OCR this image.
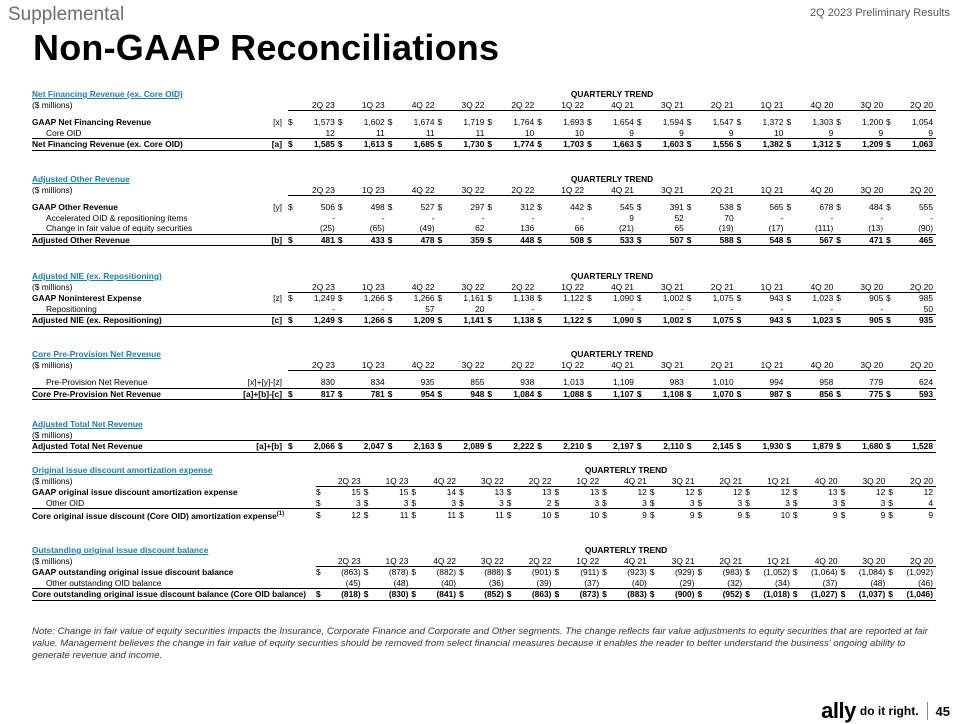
Supplemental	2Q 2023 Preliminary Results
Non-GAAP Reconciliations
Net Financing Revenue (ex. Core OID)		QUARTERLY TREND																									
($ millions)		2Q 23		1Q 23		4Q 22		3Q 22		2Q 22		1Q 22		4Q 21		3Q 21		2Q 21		1Q 21		4Q 20		3Q 20		2Q 20	

GAAP Net Financing Revenue	[x]	$	1,573	$	1,602	$	1,674	$	1,719	$	1,764	$	1,693	$	1,654	$	1,594	$	1,547	$	1,372	$	1,303	$	1,200	$	1,054
Core OID			12		11		11		11		10		10		9		9		9		10		9		9		9
Net Financing Revenue (ex. Core OID)	[a]	$	1,585	$	1,613	$	1,685	$	1,730	$	1,774	$	1,703	$	1,663	$	1,603	$	1,556	$	1,382	$	1,312	$	1,209	$	1,063
Adjusted Other Revenue		QUARTERLY TREND																									
($ millions)		2Q 23		1Q 23		4Q 22		3Q 22		2Q 22		1Q 22		4Q 21		3Q 21		2Q 21		1Q 21		4Q 20		3Q 20		2Q 20	

GAAP Other Revenue	[y]	$	506	$	498	$	527	$	297	$	312	$	442	$	545	$	391	$	538	$	565	$	678	$	484	$	555
Accelerated OID & repositioning items			-		-		-		-		-		-		9		52		70		-		-		-		-
Change in fair value of equity securities			(25)		(65)		(49)		62		136		66		(21)		65		(19)		(17)		(111)		(13)		(90)
Adjusted Other Revenue	[b]	$	481	$	433	$	478	$	359	$	448	$	508	$	533	$	507	$	588	$	548	$	567	$	471	$	465
Adjusted NIE (ex. Repositioning)		QUARTERLY TREND																									
($ millions)		2Q 23		1Q 23		4Q 22		3Q 22		2Q 22		1Q 22		4Q 21		3Q 21		2Q 21		1Q 21		4Q 20		3Q 20		2Q 20	
GAAP Noninterest Expense	[z]	$	1,249	$	1,266	$	1,266	$	1,161	$	1,138	$	1,122	$	1,090	$	1,002	$	1,075	$	943	$	1,023	$	905	$	985
Repositioning			-		-		57		20		-		-		-		-		-		-		-		-		50
Adjusted NIE (ex. Repositioning)	[c]	$	1,249	$	1,266	$	1,209	$	1,141	$	1,138	$	1,122	$	1,090	$	1,002	$	1,075	$	943	$	1,023	$	905	$	935
Core Pre-Provision Net Revenue		QUARTERLY TREND																									
($ millions)		2Q 23		1Q 23		4Q 22		3Q 22		2Q 22		1Q 22		4Q 21		3Q 21		2Q 21		1Q 21		4Q 20		3Q 20		2Q 20	

Pre-Provision Net Revenue	[x]+[y]-[z]		830		834		935		855		938		1,013		1,109		983		1,010		994		958		779		624
Core Pre-Provision Net Revenue	[a]+[b]-[c]	$	817	$	781	$	954	$	948	$	1,084	$	1,088	$	1,107	$	1,108	$	1,070	$	987	$	856	$	775	$	593
Adjusted Total Net Revenue																											
($ millions)																											
Adjusted Total Net Revenue	[a]+[b]	$	2,066	$	2,047	$	2,163	$	2,089	$	2,222	$	2,210	$	2,197	$	2,110	$	2,145	$	1,930	$	1,879	$	1,680	$	1,528
Original issue discount amortization expense		QUARTERLY TREND																									
($ millions)		2Q 23		1Q 23		4Q 22		3Q 22		2Q 22		1Q 22		4Q 21		3Q 21		2Q 21		1Q 21		4Q 20		3Q 20		2Q 20	
GAAP original issue discount amortization expense		$	15	$	15	$	14	$	13	$	13	$	13	$	12	$	12	$	12	$	12	$	13	$	12	$	12
Other OID		$	3	$	3	$	3	$	3	$	2	$	3	$	3	$	3	$	3	$	3	$	3	$	3	$	4
Core original issue discount (Core OID) amortization expense$^{(1)}$		$	12	$	11	$	11	$	11	$	10	$	10	$	9	$	9	$	9	$	10	$	9	$	9	$	9
Outstanding original issue discount balance		QUARTERLY TREND																									
($ millions)		2Q 23		1Q 23		4Q 22		3Q 22		2Q 22		1Q 22		4Q 21		3Q 21		2Q 21		1Q 21		4Q 20		3Q 20		2Q 20	
GAAP outstanding original issue discount balance		$	(863)	$	(878)	$	(882)	$	(888)	$	(901)	$	(911)	$	(923)	$	(929)	$	(983)	$	(1,052)	$	(1,064)	$	(1,084)	$	(1,092)
Other outstanding OID balance			(45)		(48)		(40)		(36)		(39)		(37)		(40)		(29)		(32)		(34)		(37)		(48)		(46)
Core outstanding original issue discount balance (Core OID balance)		$	(818)	$	(830)	$	(841)	$	(852)	$	(863)	$	(873)	$	(883)	$	(900)	$	(952)	$	(1,018)	$	(1,027)	$	(1,037)	$	(1,046)
Note: Change in fair value of equity securities impacts the Insurance, Corporate Finance and Corporate and Other segments. The change reflects fair value adjustments to equity securities that are reported at fair value. Management believes the change in fair value of equity securities should be removed from select financial measures because it enables the reader to better understand the business' ongoing ability to generate revenue and income.
ally do it right. 45
